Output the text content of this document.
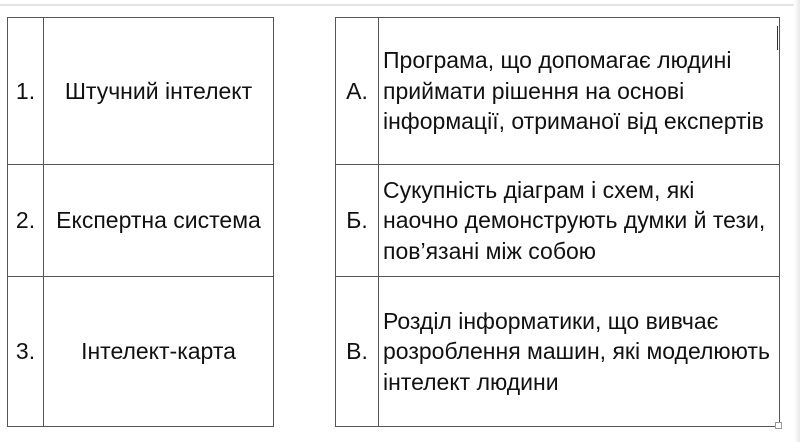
1.	Штучний інтелект
2.	Експертна система
3.	Інтелект-карта
А.	Програма, що допомагає людині приймати рішення на основі інформації, отриманої від експертів
Б.	Сукупність діаграм і схем, які наочно демонструють думки й тези, пов’язані між собою
В.	Розділ інформатики, що вивчає розроблення машин, які моделюють інтелект людини
